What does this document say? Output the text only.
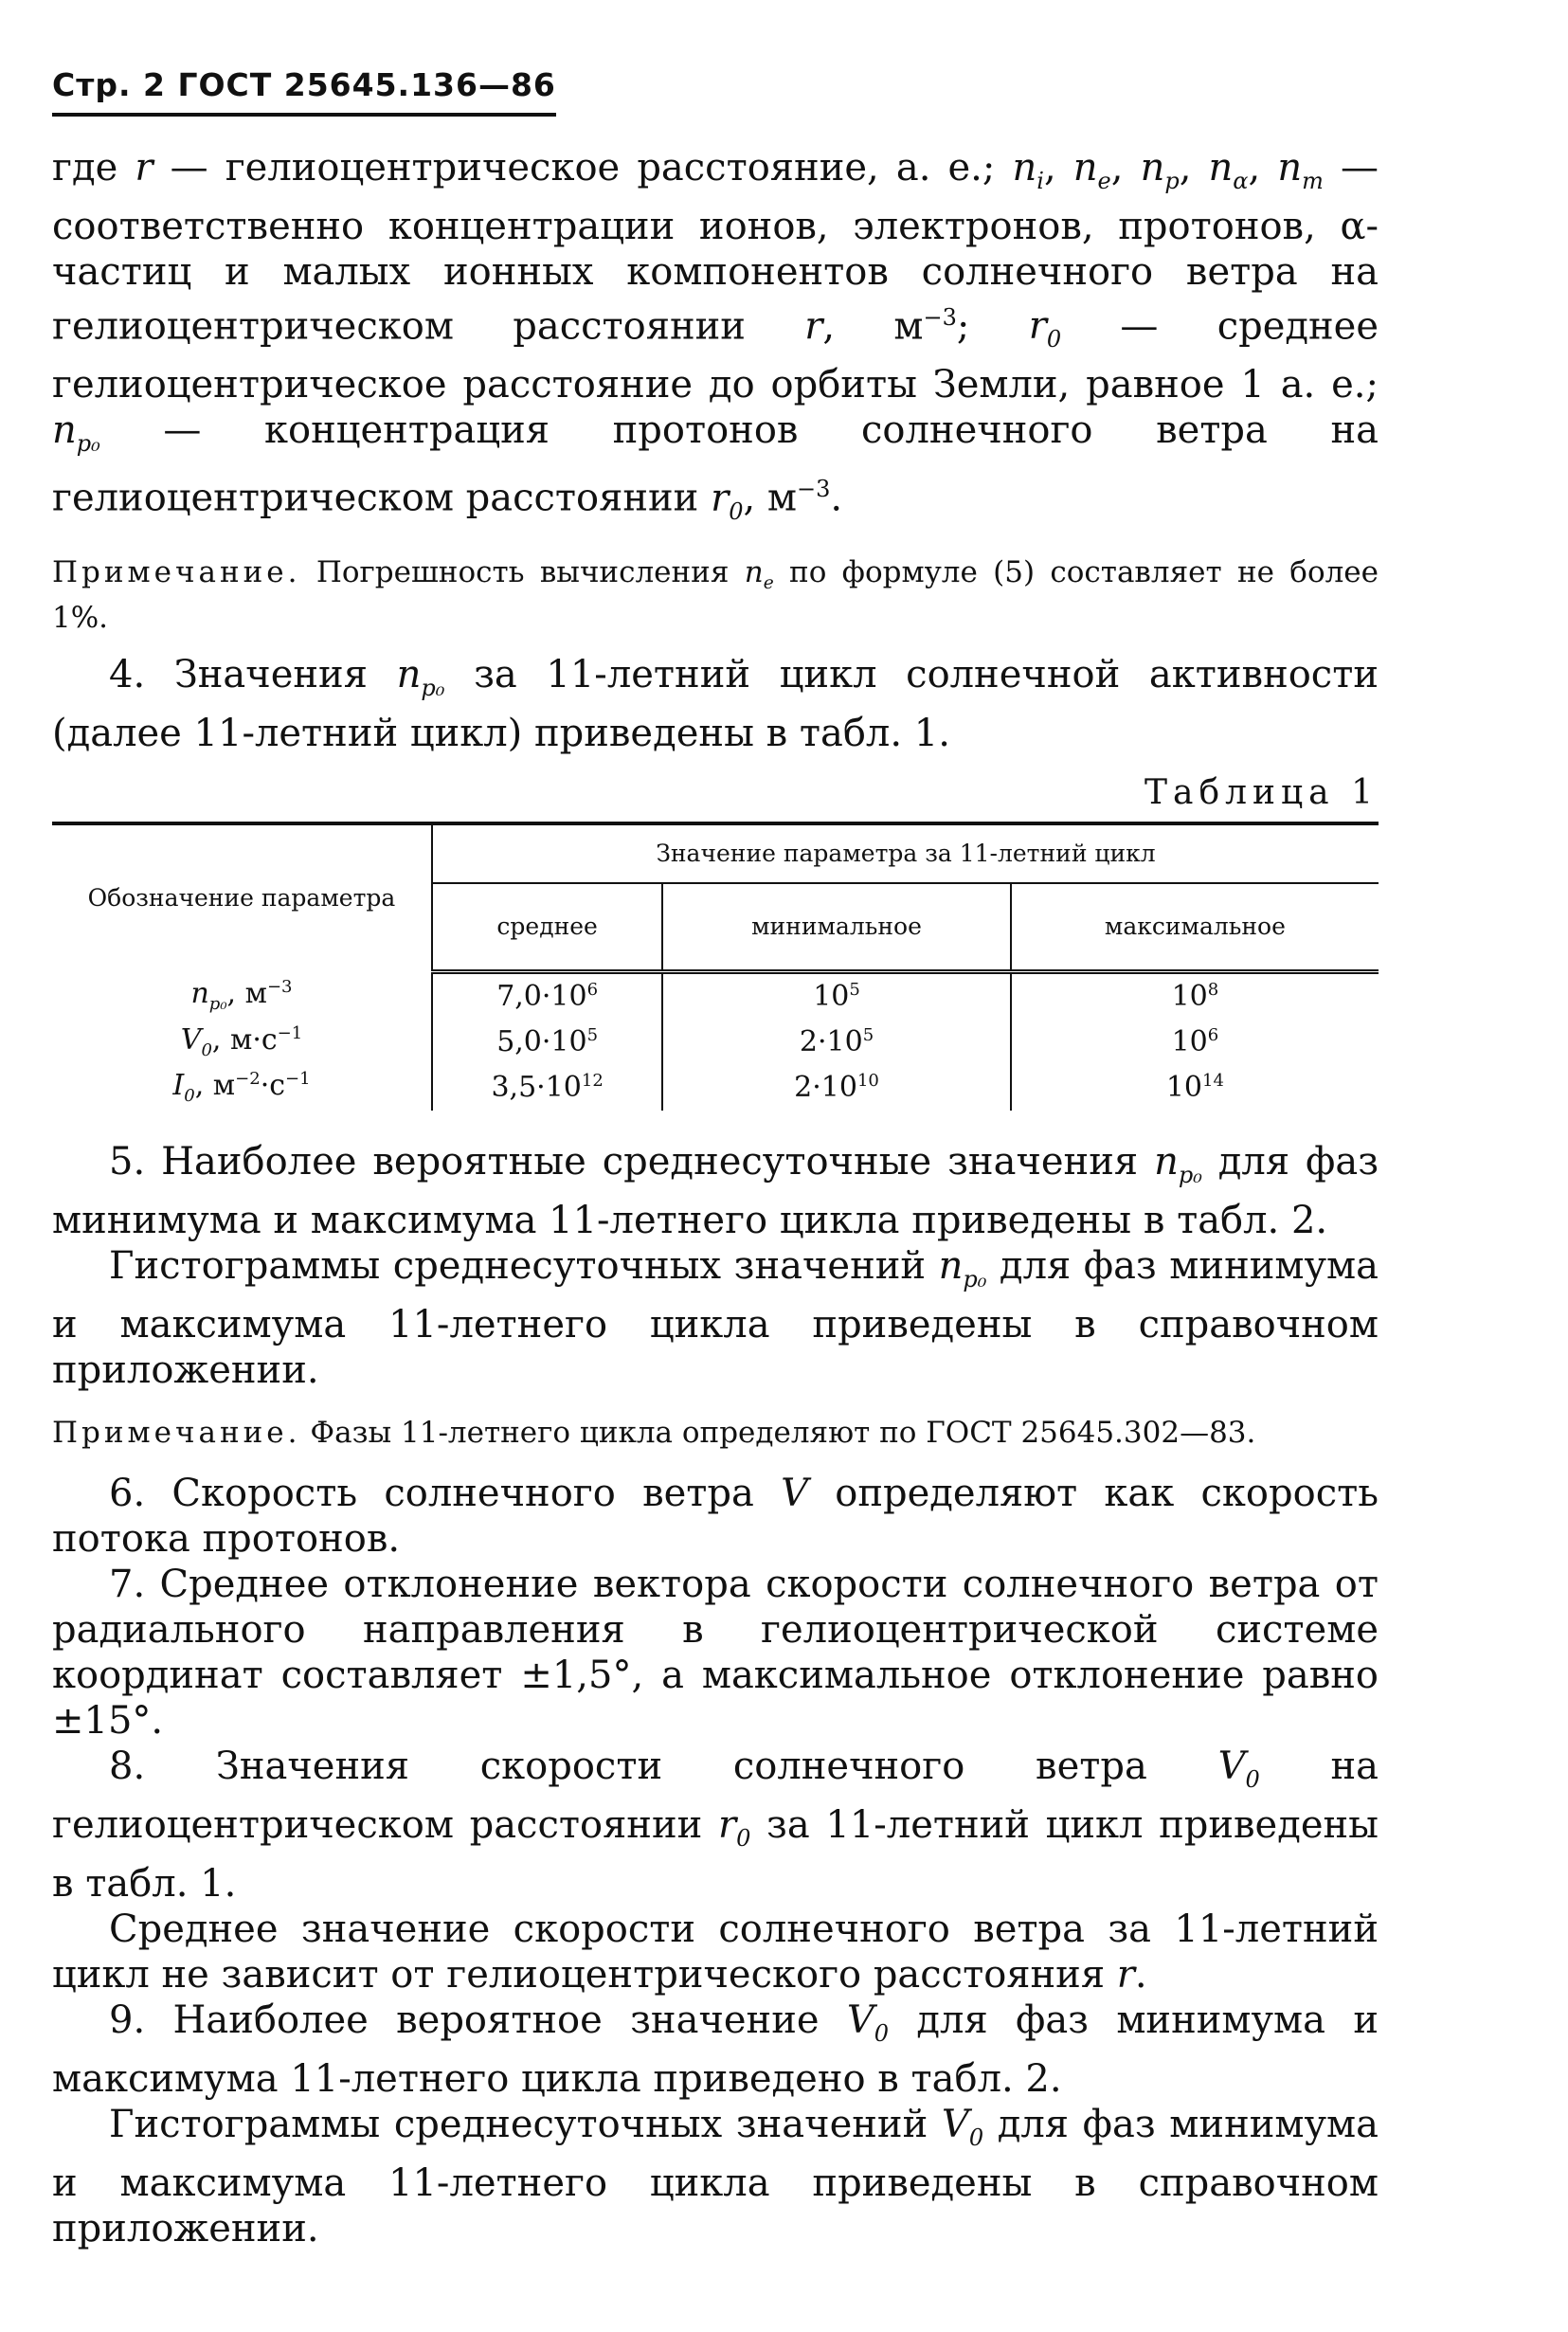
Стр. 2 ГОСТ 25645.136—86

где r — гелиоцентрическое расстояние, а. е.; $n_i$, $n_e$, $n_p$, $n_\alpha$, $n_m$ — соответственно концентрации ионов, электронов, протонов, α-частиц и малых ионных компонентов солнечного ветра на гелиоцентрическом расстоянии r, $м^{-3}$; $r_0$ — среднее гелиоцентрическое расстояние до орбиты Земли, равное 1 а. е.; $n_{p_0}$ — концентрация протонов солнечного ветра на гелиоцентрическом расстоянии $r_0$, $м^{-3}$.

Примечание. Погрешность вычисления $n_e$ по формуле (5) составляет не более 1%.

4. Значения $n_{p_0}$ за 11-летний цикл солнечной активности (далее 11-летний цикл) приведены в табл. 1.

Таблица 1

Обозначение параметра	Значение параметра за 11-летний цикл		
	среднее	минимальное	максимальное
$n_{p_0}$, $м^{-3}$	$7,0\cdot 10^6$	$10^5$	$10^8$
$V_0$, $м\cdot с^{-1}$	$5,0\cdot 10^5$	$2\cdot 10^5$	$10^6$
$I_0$, $м^{-2}\cdot с^{-1}$	$3,5\cdot 10^{12}$	$2\cdot 10^{10}$	$10^{14}$

5. Наиболее вероятные среднесуточные значения $n_{p_0}$ для фаз минимума и максимума 11-летнего цикла приведены в табл. 2.

Гистограммы среднесуточных значений $n_{p_0}$ для фаз минимума и максимума 11-летнего цикла приведены в справочном приложении.

Примечание. Фазы 11-летнего цикла определяют по ГОСТ 25645.302—83.

6. Скорость солнечного ветра V определяют как скорость потока протонов.

7. Среднее отклонение вектора скорости солнечного ветра от радиального направления в гелиоцентрической системе координат составляет ±1,5°, а максимальное отклонение равно ±15°.

8. Значения скорости солнечного ветра $V_0$ на гелиоцентрическом расстоянии $r_0$ за 11-летний цикл приведены в табл. 1.

Среднее значение скорости солнечного ветра за 11-летний цикл не зависит от гелиоцентрического расстояния r.

9. Наиболее вероятное значение $V_0$ для фаз минимума и максимума 11-летнего цикла приведено в табл. 2.

Гистограммы среднесуточных значений $V_0$ для фаз минимума и максимума 11-летнего цикла приведены в справочном приложении.
